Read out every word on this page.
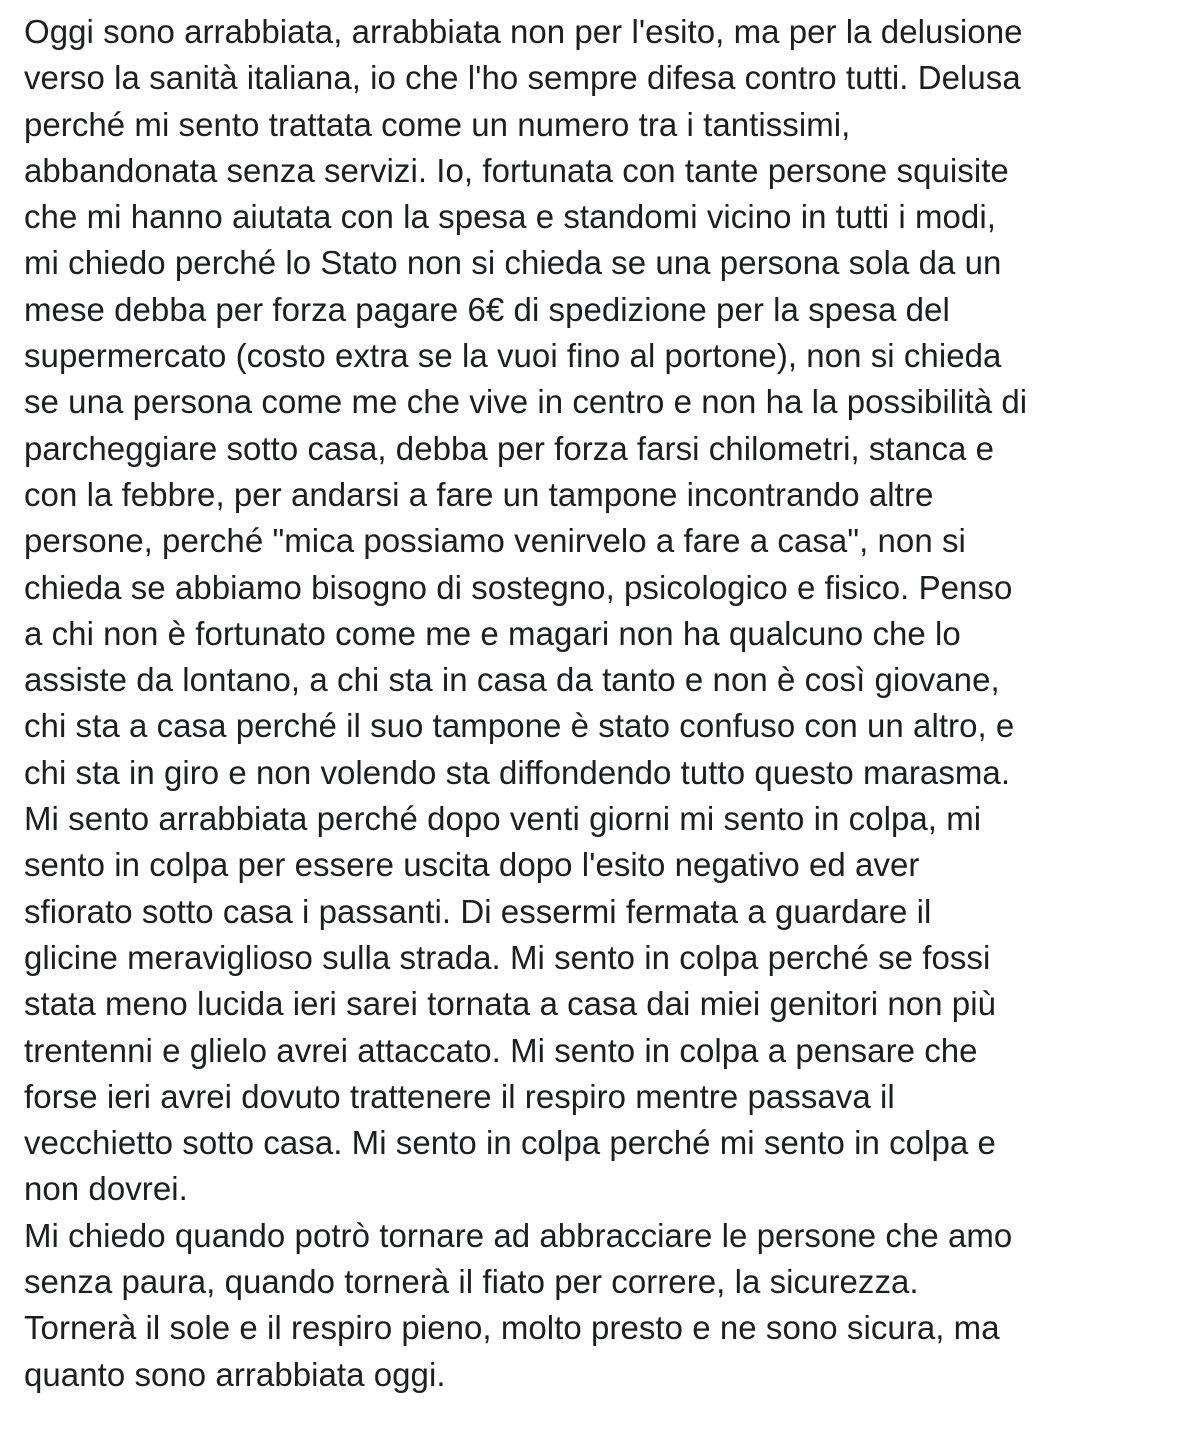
Oggi sono arrabbiata, arrabbiata non per l'esito, ma per la delusione
verso la sanità italiana, io che l'ho sempre difesa contro tutti. Delusa
perché mi sento trattata come un numero tra i tantissimi,
abbandonata senza servizi. Io, fortunata con tante persone squisite
che mi hanno aiutata con la spesa e standomi vicino in tutti i modi,
mi chiedo perché lo Stato non si chieda se una persona sola da un
mese debba per forza pagare 6€ di spedizione per la spesa del
supermercato (costo extra se la vuoi fino al portone), non si chieda
se una persona come me che vive in centro e non ha la possibilità di
parcheggiare sotto casa, debba per forza farsi chilometri, stanca e
con la febbre, per andarsi a fare un tampone incontrando altre
persone, perché "mica possiamo venirvelo a fare a casa", non si
chieda se abbiamo bisogno di sostegno, psicologico e fisico. Penso
a chi non è fortunato come me e magari non ha qualcuno che lo
assiste da lontano, a chi sta in casa da tanto e non è così giovane,
chi sta a casa perché il suo tampone è stato confuso con un altro, e
chi sta in giro e non volendo sta diffondendo tutto questo marasma.
Mi sento arrabbiata perché dopo venti giorni mi sento in colpa, mi
sento in colpa per essere uscita dopo l'esito negativo ed aver
sfiorato sotto casa i passanti. Di essermi fermata a guardare il
glicine meraviglioso sulla strada. Mi sento in colpa perché se fossi
stata meno lucida ieri sarei tornata a casa dai miei genitori non più
trentenni e glielo avrei attaccato. Mi sento in colpa a pensare che
forse ieri avrei dovuto trattenere il respiro mentre passava il
vecchietto sotto casa. Mi sento in colpa perché mi sento in colpa e
non dovrei.
Mi chiedo quando potrò tornare ad abbracciare le persone che amo
senza paura, quando tornerà il fiato per correre, la sicurezza.
Tornerà il sole e il respiro pieno, molto presto e ne sono sicura, ma
quanto sono arrabbiata oggi.
